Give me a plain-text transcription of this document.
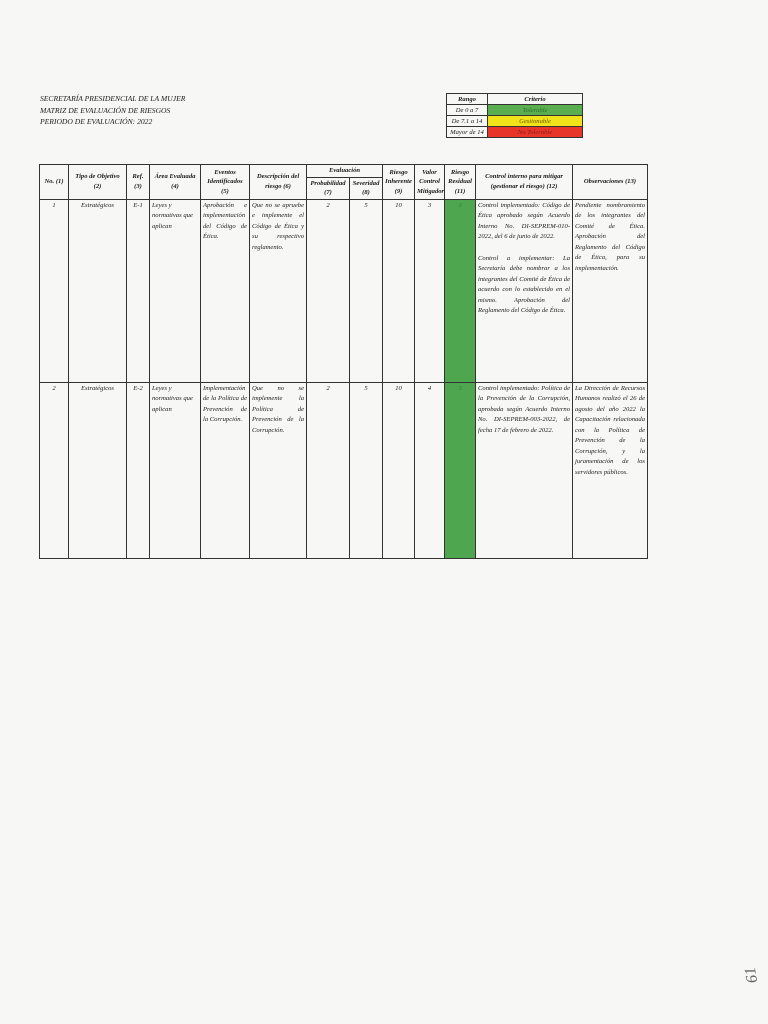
SECRETARÍA PRESIDENCIAL DE LA MUJER
MATRIZ DE EVALUACIÓN DE RIESGOS
PERIODO DE EVALUACIÓN: 2022
Rango	Criterio
De 0 a 7	Tolerable
De 7.1 a 14	Gestionable
Mayor de 14	No Tolerable
No. (1)	Tipo de Objetivo (2)	Ref. (3)	Área Evaluada (4)	Eventos Identificados (5)	Descripción del riesgo (6)	Evaluación		Riesgo Inherente (9)	Valor Control Mitigador	Riesgo Residual (11)	Control interno para mitigar (gestionar el riesgo) (12)	Observaciones (13)
						Probabilidad (7)	Severidad (8)					
1	Estratégicos	E-1	Leyes y normativas que aplican	Aprobación e implementación del Código de Ética.	Que no se apruebe e implemente el Código de Ética y su respectivo reglamento.	2	5	10	3	3	Control implementado: Código de Ética aprobado según Acuerdo Interno No. DI-SEPREM-010-2022, del 6 de junio de 2022.
Control a implementar: La Secretaría debe nombrar a los integrantes del Comité de Ética de acuerdo con lo establecido en el mismo. Aprobación del Reglamento del Código de Ética.	Pendiente nombramiento de los integrantes del Comité de Ética. Aprobación del Reglamento del Código de Ética, para su implementación.
2	Estratégicos	E-2	Leyes y normativas que aplican	Implementación de la Política de Prevención de la Corrupción.	Que no se implemente la Política de Prevención de la Corrupción.	2	5	10	4	3	Control implementado: Política de la Prevención de la Corrupción, aprobada según Acuerdo Interno No. DI-SEPREM-003-2022, de fecha 17 de febrero de 2022.	La Dirección de Recursos Humanos realizó el 26 de agosto del año 2022 la Capacitación relacionada con la Política de Prevención de la Corrupción, y la juramentación de los servidores públicos.
61
